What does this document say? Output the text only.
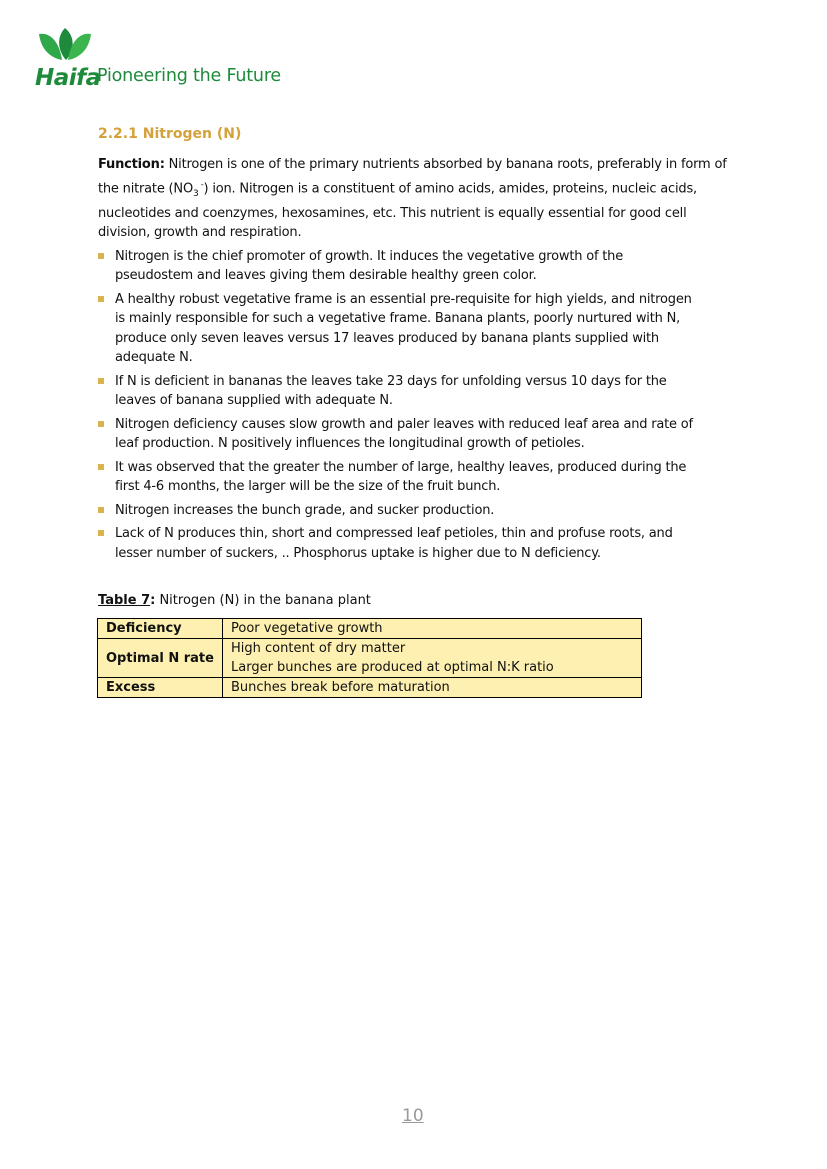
Haifa
Pioneering the Future
2.2.1 Nitrogen (N)

Function: Nitrogen is one of the primary nutrients absorbed by banana roots, preferably in form of the nitrate ($NO_3$ -) ion. Nitrogen is a constituent of amino acids, amides, proteins, nucleic acids, nucleotides and coenzymes, hexosamines, etc. This nutrient is equally essential for good cell division, growth and respiration.

Nitrogen is the chief promoter of growth. It induces the vegetative growth of the pseudostem and leaves giving them desirable healthy green color.
A healthy robust vegetative frame is an essential pre-requisite for high yields, and nitrogen is mainly responsible for such a vegetative frame. Banana plants, poorly nurtured with N, produce only seven leaves versus 17 leaves produced by banana plants supplied with adequate N.
If N is deficient in bananas the leaves take 23 days for unfolding versus 10 days for the leaves of banana supplied with adequate N.
Nitrogen deficiency causes slow growth and paler leaves with reduced leaf area and rate of leaf production. N positively influences the longitudinal growth of petioles.
It was observed that the greater the number of large, healthy leaves, produced during the first 4-6 months, the larger will be the size of the fruit bunch.
Nitrogen increases the bunch grade, and sucker production.
Lack of N produces thin, short and compressed leaf petioles, thin and profuse roots, and lesser number of suckers, .. Phosphorus uptake is higher due to N deficiency.
Table 7: Nitrogen (N) in the banana plant
Deficiency	Poor vegetative growth
Optimal N rate	High content of dry matter
Larger bunches are produced at optimal N:K ratio

Excess	Bunches break before maturation
10
